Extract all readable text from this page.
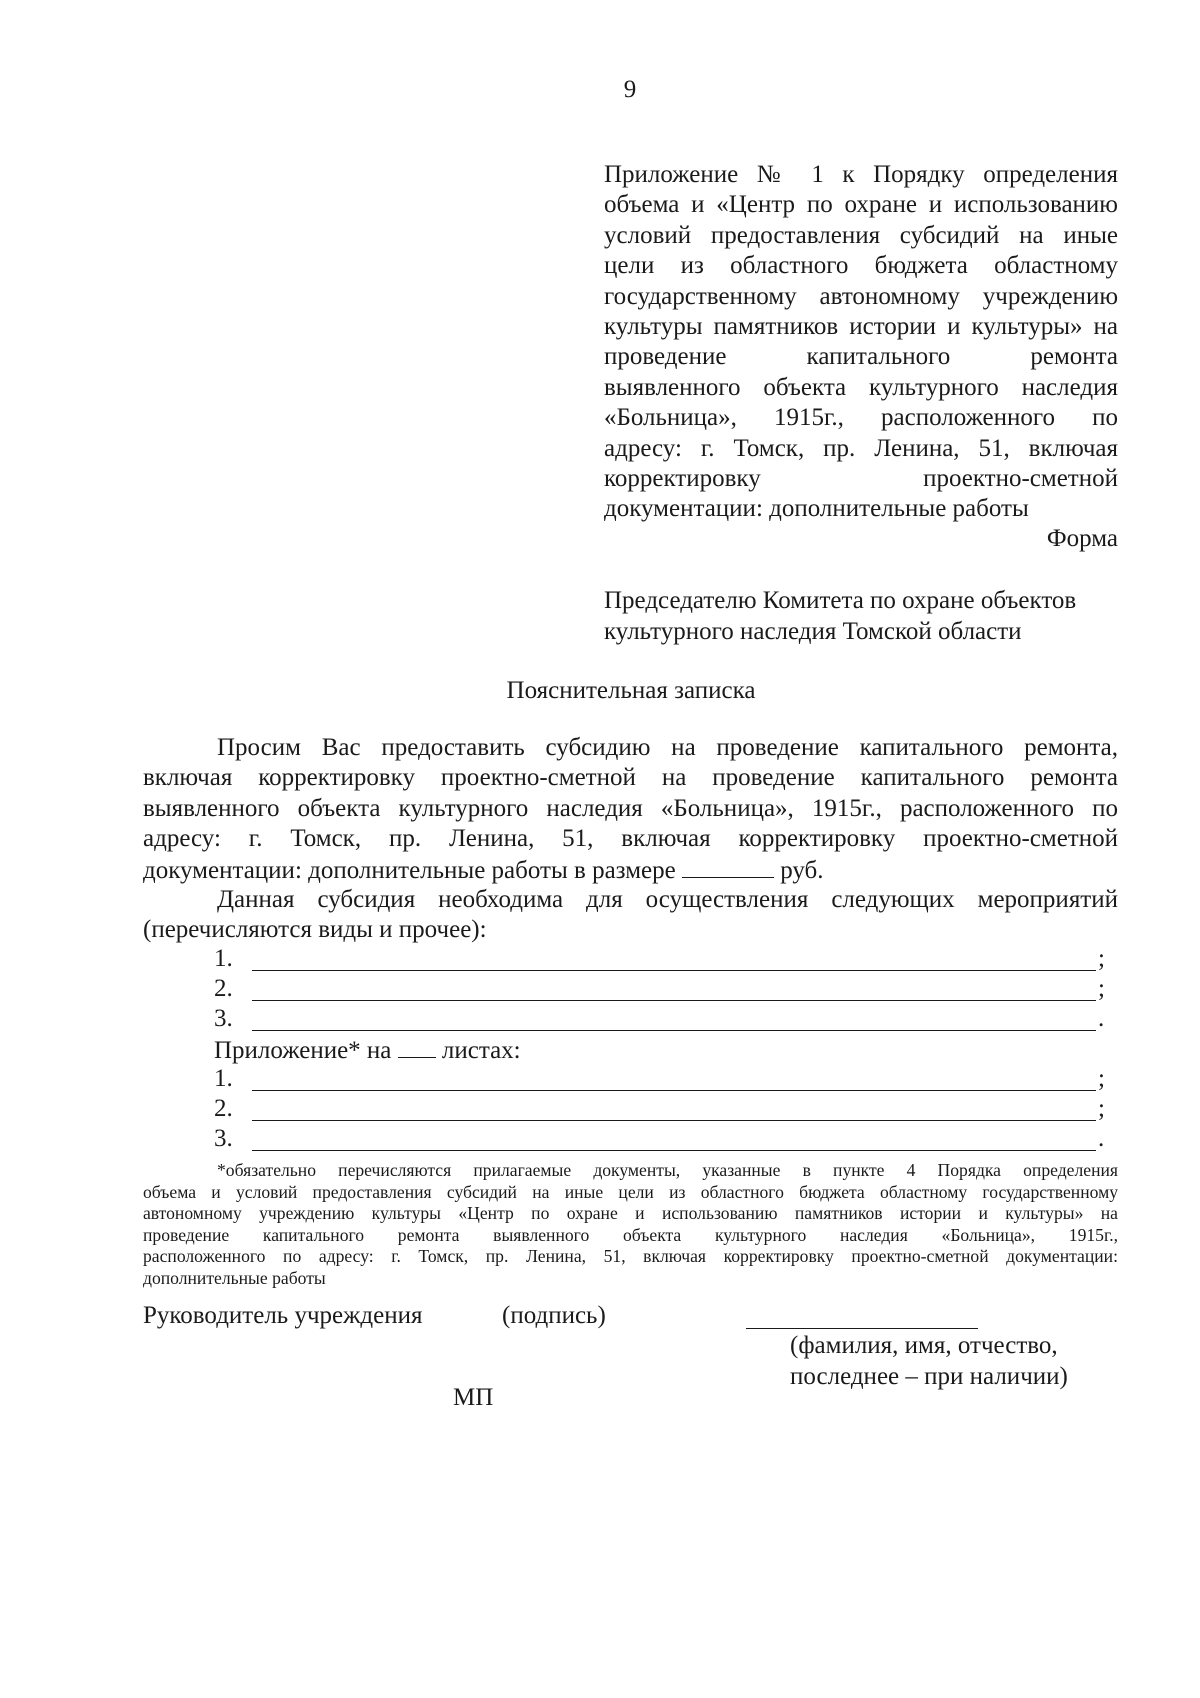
9
Приложение № 1 к Порядку определения
объема и «Центр по охране и использованию
условий предоставления субсидий на иные
цели из областного бюджета областному
государственному автономному учреждению
культуры памятников истории и культуры» на
проведение капитального ремонта
выявленного объекта культурного наследия
«Больница», 1915г., расположенного по
адресу: г. Томск, пр. Ленина, 51, включая
корректировку проектно-сметной
документации: дополнительные работы
Форма
Председателю Комитета по охране объектов
культурного наследия Томской области
Пояснительная записка
Просим Вас предоставить субсидию на проведение капитального ремонта,
включая корректировку проектно-сметной на проведение капитального ремонта
выявленного объекта культурного наследия «Больница», 1915г., расположенного по
адресу: г. Томск, пр. Ленина, 51, включая корректировку проектно-сметной
документации: дополнительные работы в размере	руб.
Данная субсидия необходима для осуществления следующих мероприятий
(перечисляются виды и прочее):
1.	;
2.	;
3.	.
Приложение* на листах:
1.	;
2.	;
3.	.
*обязательно перечисляются прилагаемые документы, указанные в пункте 4 Порядка определения
объема и условий предоставления субсидий на иные цели из областного бюджета областному государственному
автономному учреждению культуры «Центр по охране и использованию памятников истории и культуры» на
проведение капитального ремонта выявленного объекта культурного наследия «Больница», 1915г.,
расположенного по адресу: г. Томск, пр. Ленина, 51, включая корректировку проектно-сметной документации:
дополнительные работы
Руководитель учреждения	(подпись)
(фамилия, имя, отчество,
последнее – при наличии)
МП
